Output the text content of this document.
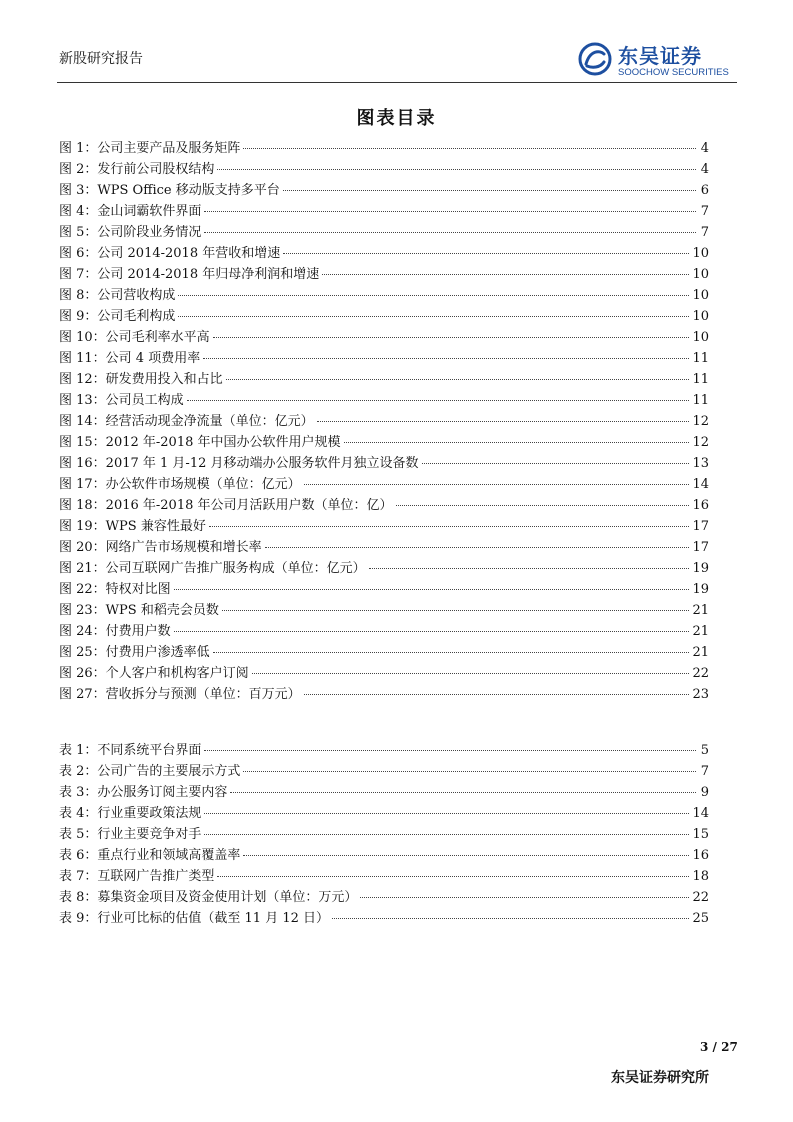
新股研究报告	东吴证券
SOOCHOW SECURITIES
图表目录
图 1：公司主要产品及服务矩阵	4
图 2：发行前公司股权结构	4
图 3：WPS Office 移动版支持多平台	6
图 4：金山词霸软件界面	7
图 5：公司阶段业务情况	7
图 6：公司 2014-2018 年营收和增速	10
图 7：公司 2014-2018 年归母净利润和增速	10
图 8：公司营收构成	10
图 9：公司毛利构成	10
图 10：公司毛利率水平高	10
图 11：公司 4 项费用率	11
图 12：研发费用投入和占比	11
图 13：公司员工构成	11
图 14：经营活动现金净流量（单位：亿元）	12
图 15：2012 年-2018 年中国办公软件用户规模	12
图 16：2017 年 1 月-12 月移动端办公服务软件月独立设备数	13
图 17：办公软件市场规模（单位：亿元）	14
图 18：2016 年-2018 年公司月活跃用户数（单位：亿）	16
图 19：WPS 兼容性最好	17
图 20：网络广告市场规模和增长率	17
图 21：公司互联网广告推广服务构成（单位：亿元）	19
图 22：特权对比图	19
图 23：WPS 和稻壳会员数	21
图 24：付费用户数	21
图 25：付费用户渗透率低	21
图 26：个人客户和机构客户订阅	22
图 27：营收拆分与预测（单位：百万元）	23
表 1：不同系统平台界面	5
表 2：公司广告的主要展示方式	7
表 3：办公服务订阅主要内容	9
表 4：行业重要政策法规	14
表 5：行业主要竞争对手	15
表 6：重点行业和领域高覆盖率	16
表 7：互联网广告推广类型	18
表 8：募集资金项目及资金使用计划（单位：万元）	22
表 9：行业可比标的估值（截至 11 月 12 日）	25
3 / 27
东吴证券研究所
